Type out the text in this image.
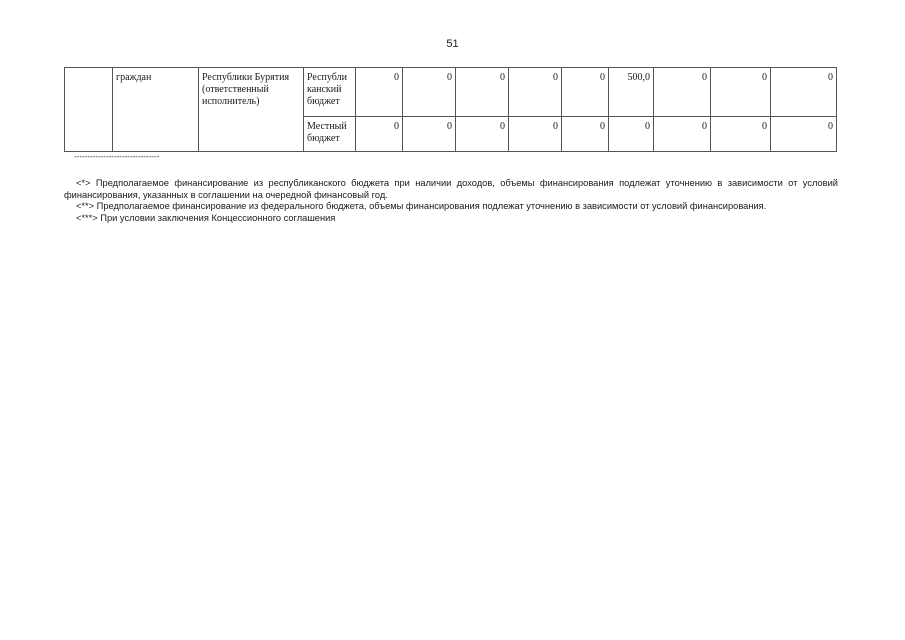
51
	граждан	Республики Бурятия (ответственный исполнитель)	Республи канский бюджет	0	0	0	0	0	500,0	0	0	0
			Местный бюджет	0	0	0	0	0	0	0	0	0
--------------------------------

<*> Предполагаемое финансирование из республиканского бюджета при наличии доходов, объемы финансирования подлежат уточнению в зависимости от условий финансирования, указанных в соглашении на очередной финансовый год.

<**> Предполагаемое финансирование из федерального бюджета, объемы финансирования подлежат уточнению в зависимости от условий финансирования.

<***> При условии заключения Концессионного соглашения
